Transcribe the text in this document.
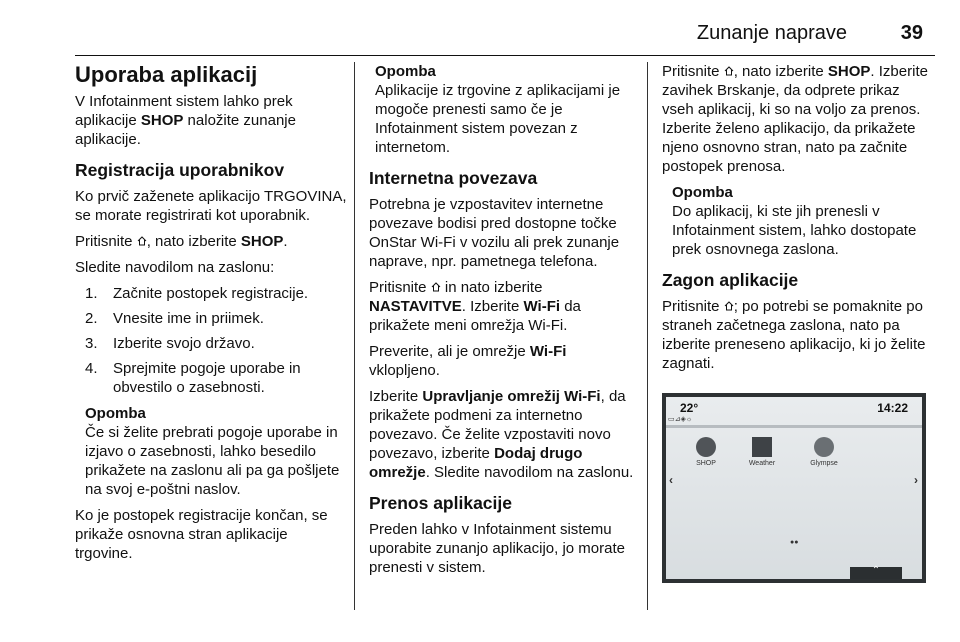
Zunanje naprave	39
Uporaba aplikacij

V Infotainment sistem lahko prek aplikacije SHOP naložite zunanje aplikacije.

Registracija uporabnikov

Ko prvič zaženete aplikacijo TRGOVINA, se morate registrirati kot uporabnik.

Pritisnite , nato izberite SHOP.

Sledite navodilom na zaslonu:

1. Začnite postopek registracije.
2. Vnesite ime in priimek.
3. Izberite svojo državo.
4. Sprejmite pogoje uporabe in obvestilo o zasebnosti.
Opomba
Če si želite prebrati pogoje uporabe in izjavo o zasebnosti, lahko besedilo prikažete na zaslonu ali pa ga pošljete na svoj e-poštni naslov.

Ko je postopek registracije končan, se prikaže osnovna stran aplikacije trgovine.

Opomba
Aplikacije iz trgovine z aplikacijami je mogoče prenesti samo če je Infotainment sistem povezan z internetom.
Internetna povezava

Potrebna je vzpostavitev internetne povezave bodisi pred dostopne točke OnStar Wi-Fi v vozilu ali prek zunanje naprave, npr. pametnega telefona.

Pritisnite  in nato izberite NASTAVITVE. Izberite Wi-Fi da prikažete meni omrežja Wi-Fi.

Preverite, ali je omrežje Wi-Fi vklopljeno.

Izberite Upravljanje omrežij Wi-Fi, da prikažete podmeni za internetno povezavo. Če želite vzpostaviti novo povezavo, izberite Dodaj drugo omrežje. Sledite navodilom na zaslonu.

Prenos aplikacije

Preden lahko v Infotainment sistemu uporabite zunanjo aplikacijo, jo morate prenesti v sistem.

Pritisnite , nato izberite SHOP. Izberite zavihek Brskanje, da odprete prikaz vseh aplikacij, ki so na voljo za prenos. Izberite želeno aplikacijo, da prikažete njeno osnovno stran, nato pa začnite postopek prenosa.

Opomba
Do aplikacij, ki ste jih prenesli v Infotainment sistem, lahko dostopate prek osnovnega zaslona.
Zagon aplikacije

Pritisnite ; po potrebi se pomaknite po straneh začetnega zaslona, nato pa izberite preneseno aplikacijo, ki jo želite zagnati.

22°	14:22
▭⊿◈☼
SHOP	Weather	Glympse
‹	›
●●
⌃
